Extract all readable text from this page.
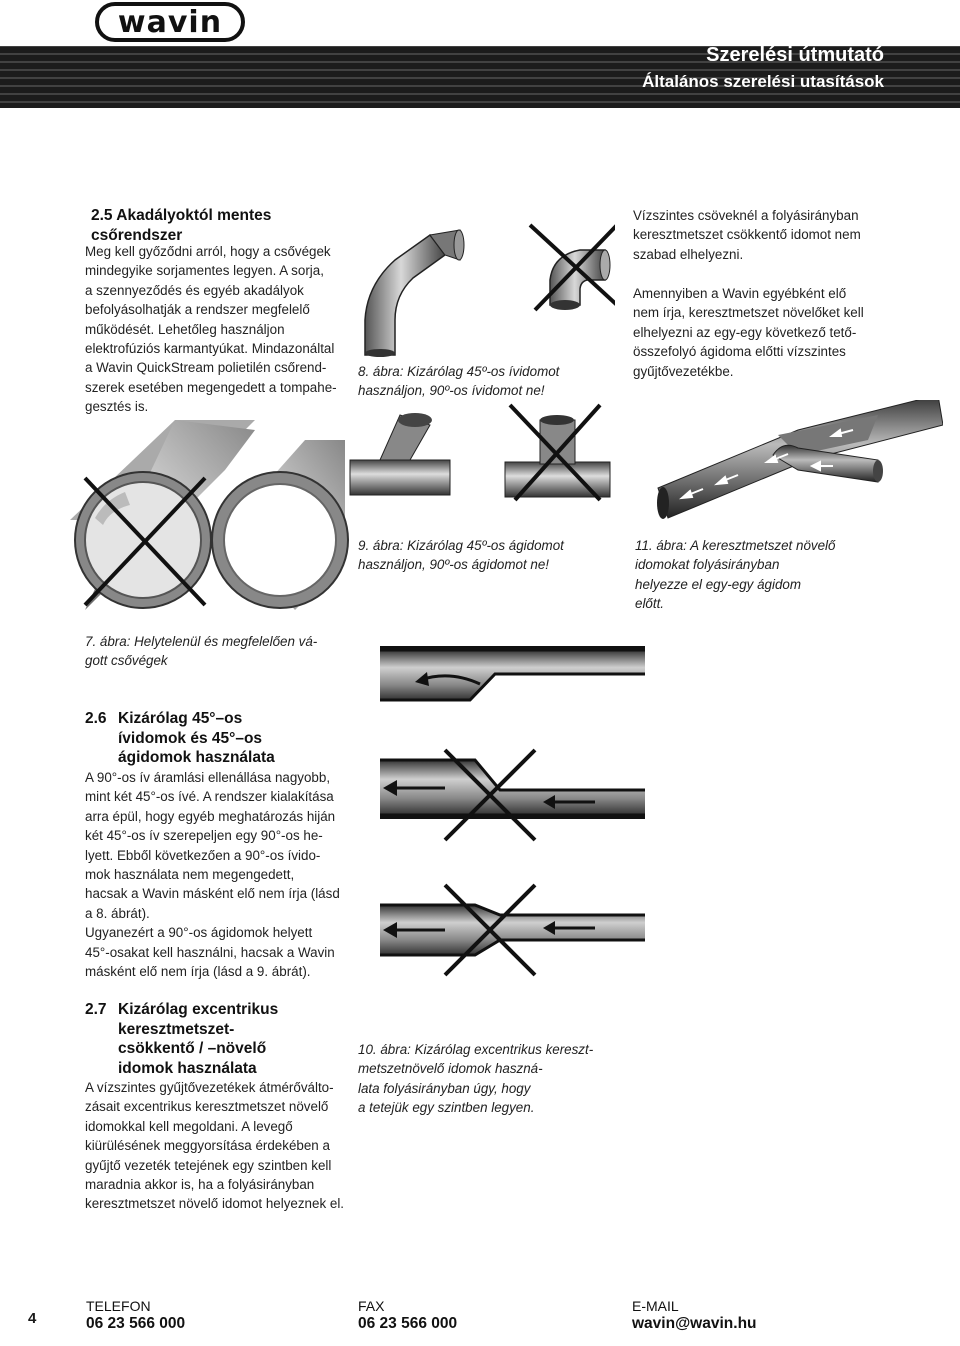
wavin
Szerelési útmutató
Általános szerelési utasítások
2.5 Akadályoktól mentes csőrendszer
Meg kell győződni arról, hogy a csővégek
mindegyike sorjamentes legyen. A sorja,
a szennyeződés és egyéb akadályok
befolyásolhatják a rendszer megfelelő
működését. Lehetőleg használjon
elektrofúziós karmantyúkat. Mindazonáltal
a Wavin QuickStream polietilén csőrend-
szerek esetében megengedett a tompahe-
gesztés is.
8. ábra: Kizárólag 45º-os ívidomot
használjon, 90º-os ívidomot ne!
Vízszintes csöveknél a folyásirányban
keresztmetszet csökkentő idomot nem
szabad elhelyezni.
Amennyiben a Wavin egyébként elő
nem írja, keresztmetszet növelőket kell
elhelyezni az egy-egy következő tető-
összefolyó ágidoma előtti vízszintes
gyűjtővezetékbe.
7. ábra: Helytelenül és megfelelően vá-
gott csővégek
9. ábra: Kizárólag 45º-os ágidomot
használjon, 90º-os ágidomot ne!
11. ábra: A keresztmetszet növelő
idomokat folyásirányban
helyezze el egy-egy ágidom
előtt.
10. ábra: Kizárólag excentrikus kereszt-
metszetnövelő idomok haszná-
lata folyásirányban úgy, hogy
a tetejük egy szintben legyen.
2.6 Kizárólag 45°–os
ívidomok és 45°–os
ágidomok használata
A 90°-os ív áramlási ellenállása nagyobb,
mint két 45°-os ívé. A rendszer kialakítása
arra épül, hogy egyéb meghatározás hiján
két 45°-os ív szerepeljen egy 90°-os he-
lyett. Ebből következően a 90°-os ívido-
mok használata nem megengedett,
hacsak a Wavin másként elő nem írja (lásd
a 8. ábrát).
Ugyanezért a 90°-os ágidomok helyett
45°-osakat kell használni, hacsak a Wavin
másként elő nem írja (lásd a 9. ábrát).
2.7 Kizárólag excentrikus
keresztmetszet-
csökkentő / –növelő
idomok használata
A vízszintes gyűjtővezetékek átmérőválto-
zásait excentrikus keresztmetszet növelő
idomokkal kell megoldani. A levegő
kiürülésének meggyorsítása érdekében a
gyűjtő vezeték tetejének egy szintben kell
maradnia akkor is, ha a folyásirányban
keresztmetszet növelő idomot helyeznek el.
4
TELEFON
06 23 566 000
FAX
06 23 566 000
E-MAIL
wavin@wavin.hu
